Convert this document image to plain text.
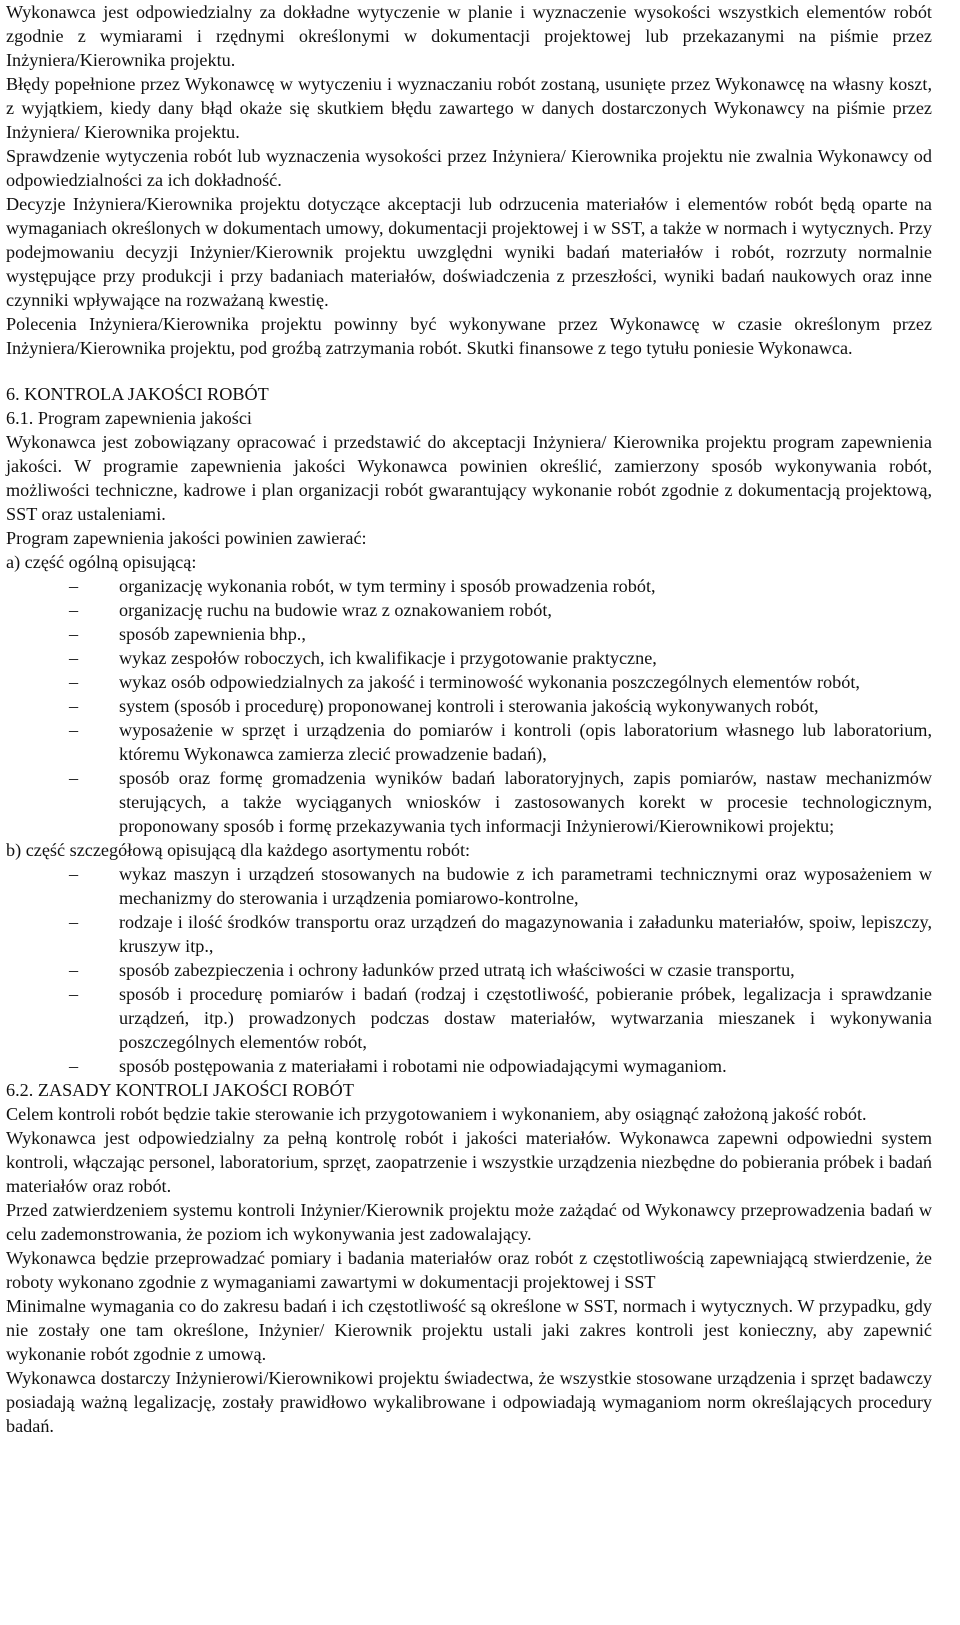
Wykonawca jest odpowiedzialny za dokładne wytyczenie w planie i wyznaczenie wysokości wszystkich elementów robót zgodnie z wymiarami i rzędnymi określonymi w dokumentacji projektowej lub przekazanymi na piśmie przez Inżyniera/Kierownika projektu.

Błędy popełnione przez Wykonawcę w wytyczeniu i wyznaczaniu robót zostaną, usunięte przez Wykonawcę na własny koszt, z wyjątkiem, kiedy dany błąd okaże się skutkiem błędu zawartego w danych dostarczonych Wykonawcy na piśmie przez Inżyniera/ Kierownika projektu.

Sprawdzenie wytyczenia robót lub wyznaczenia wysokości przez Inżyniera/ Kierownika projektu nie zwalnia Wykonawcy od odpowiedzialności za ich dokładność.

Decyzje Inżyniera/Kierownika projektu dotyczące akceptacji lub odrzucenia materiałów i elementów robót będą oparte na wymaganiach określonych w dokumentach umowy, dokumentacji projektowej i w SST, a także w normach i wytycznych. Przy podejmowaniu decyzji Inżynier/Kierownik projektu uwzględni wyniki badań materiałów i robót, rozrzuty normalnie występujące przy produkcji i przy badaniach materiałów, doświadczenia z przeszłości, wyniki badań naukowych oraz inne czynniki wpływające na rozważaną kwestię.

Polecenia Inżyniera/Kierownika projektu powinny być wykonywane przez Wykonawcę w czasie określonym przez Inżyniera/Kierownika projektu, pod groźbą zatrzymania robót. Skutki finansowe z tego tytułu poniesie Wykonawca.

6. KONTROLA JAKOŚCI ROBÓT

6.1. Program zapewnienia jakości

Wykonawca jest zobowiązany opracować i przedstawić do akceptacji Inżyniera/ Kierownika projektu program zapewnienia jakości. W programie zapewnienia jakości Wykonawca powinien określić, zamierzony sposób wykonywania robót, możliwości techniczne, kadrowe i plan organizacji robót gwarantujący wykonanie robót zgodnie z dokumentacją projektową, SST oraz ustaleniami.

Program zapewnienia jakości powinien zawierać:

a) część ogólną opisującą:

– organizację wykonania robót, w tym terminy i sposób prowadzenia robót,
– organizację ruchu na budowie wraz z oznakowaniem robót,
– sposób zapewnienia bhp.,
– wykaz zespołów roboczych, ich kwalifikacje i przygotowanie praktyczne,
– wykaz osób odpowiedzialnych za jakość i terminowość wykonania poszczególnych elementów robót,
– system (sposób i procedurę) proponowanej kontroli i sterowania jakością wykonywanych robót,
– wyposażenie w sprzęt i urządzenia do pomiarów i kontroli (opis laboratorium własnego lub laboratorium, któremu Wykonawca zamierza zlecić prowadzenie badań),
– sposób oraz formę gromadzenia wyników badań laboratoryjnych, zapis pomiarów, nastaw mechanizmów sterujących, a także wyciąganych wniosków i zastosowanych korekt w procesie technologicznym, proponowany sposób i formę przekazywania tych informacji Inżynierowi/Kierownikowi projektu;

b) część szczegółową opisującą dla każdego asortymentu robót:

– wykaz maszyn i urządzeń stosowanych na budowie z ich parametrami technicznymi oraz wyposażeniem w mechanizmy do sterowania i urządzenia pomiarowo-kontrolne,
– rodzaje i ilość środków transportu oraz urządzeń do magazynowania i załadunku materiałów, spoiw, lepiszczy, kruszyw itp.,
– sposób zabezpieczenia i ochrony ładunków przed utratą ich właściwości w czasie transportu,
– sposób i procedurę pomiarów i badań (rodzaj i częstotliwość, pobieranie próbek, legalizacja i sprawdzanie urządzeń, itp.) prowadzonych podczas dostaw materiałów, wytwarzania mieszanek i wykonywania poszczególnych elementów robót,
– sposób postępowania z materiałami i robotami nie odpowiadającymi wymaganiom.

6.2. ZASADY KONTROLI JAKOŚCI ROBÓT

Celem kontroli robót będzie takie sterowanie ich przygotowaniem i wykonaniem, aby osiągnąć założoną jakość robót.

Wykonawca jest odpowiedzialny za pełną kontrolę robót i jakości materiałów. Wykonawca zapewni odpowiedni system kontroli, włączając personel, laboratorium, sprzęt, zaopatrzenie i wszystkie urządzenia niezbędne do pobierania próbek i badań materiałów oraz robót.

Przed zatwierdzeniem systemu kontroli Inżynier/Kierownik projektu może zażądać od Wykonawcy przeprowadzenia badań w celu zademonstrowania, że poziom ich wykonywania jest zadowalający.

Wykonawca będzie przeprowadzać pomiary i badania materiałów oraz robót z częstotliwością zapewniającą stwierdzenie, że roboty wykonano zgodnie z wymaganiami zawartymi w dokumentacji projektowej i SST

Minimalne wymagania co do zakresu badań i ich częstotliwość są określone w SST, normach i wytycznych. W przypadku, gdy nie zostały one tam określone, Inżynier/ Kierownik projektu ustali jaki zakres kontroli jest konieczny, aby zapewnić wykonanie robót zgodnie z umową.

Wykonawca dostarczy Inżynierowi/Kierownikowi projektu świadectwa, że wszystkie stosowane urządzenia i sprzęt badawczy posiadają ważną legalizację, zostały prawidłowo wykalibrowane i odpowiadają wymaganiom norm określających procedury badań.
